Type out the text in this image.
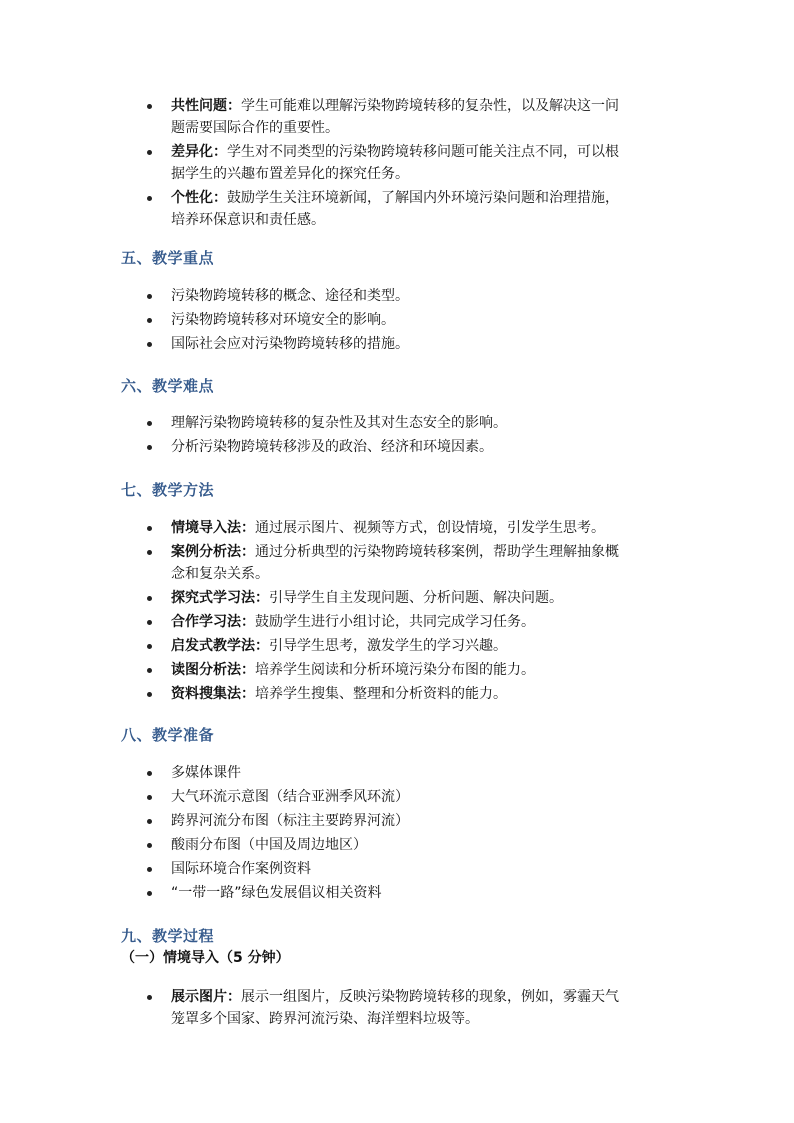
共性问题：学生可能难以理解污染物跨境转移的复杂性，以及解决这一问
题需要国际合作的重要性。
差异化：学生对不同类型的污染物跨境转移问题可能关注点不同，可以根
据学生的兴趣布置差异化的探究任务。
个性化：鼓励学生关注环境新闻，了解国内外环境污染问题和治理措施，
培养环保意识和责任感。
五、教学重点
污染物跨境转移的概念、途径和类型。
污染物跨境转移对环境安全的影响。
国际社会应对污染物跨境转移的措施。
六、教学难点
理解污染物跨境转移的复杂性及其对生态安全的影响。
分析污染物跨境转移涉及的政治、经济和环境因素。
七、教学方法
情境导入法：通过展示图片、视频等方式，创设情境，引发学生思考。
案例分析法：通过分析典型的污染物跨境转移案例，帮助学生理解抽象概
念和复杂关系。
探究式学习法：引导学生自主发现问题、分析问题、解决问题。
合作学习法：鼓励学生进行小组讨论，共同完成学习任务。
启发式教学法：引导学生思考，激发学生的学习兴趣。
读图分析法：培养学生阅读和分析环境污染分布图的能力。
资料搜集法：培养学生搜集、整理和分析资料的能力。
八、教学准备
多媒体课件
大气环流示意图（结合亚洲季风环流）
跨界河流分布图（标注主要跨界河流）
酸雨分布图（中国及周边地区）
国际环境合作案例资料
“一带一路”绿色发展倡议相关资料
九、教学过程
（一）情境导入（5 分钟）
展示图片：展示一组图片，反映污染物跨境转移的现象，例如，雾霾天气
笼罩多个国家、跨界河流污染、海洋塑料垃圾等。
